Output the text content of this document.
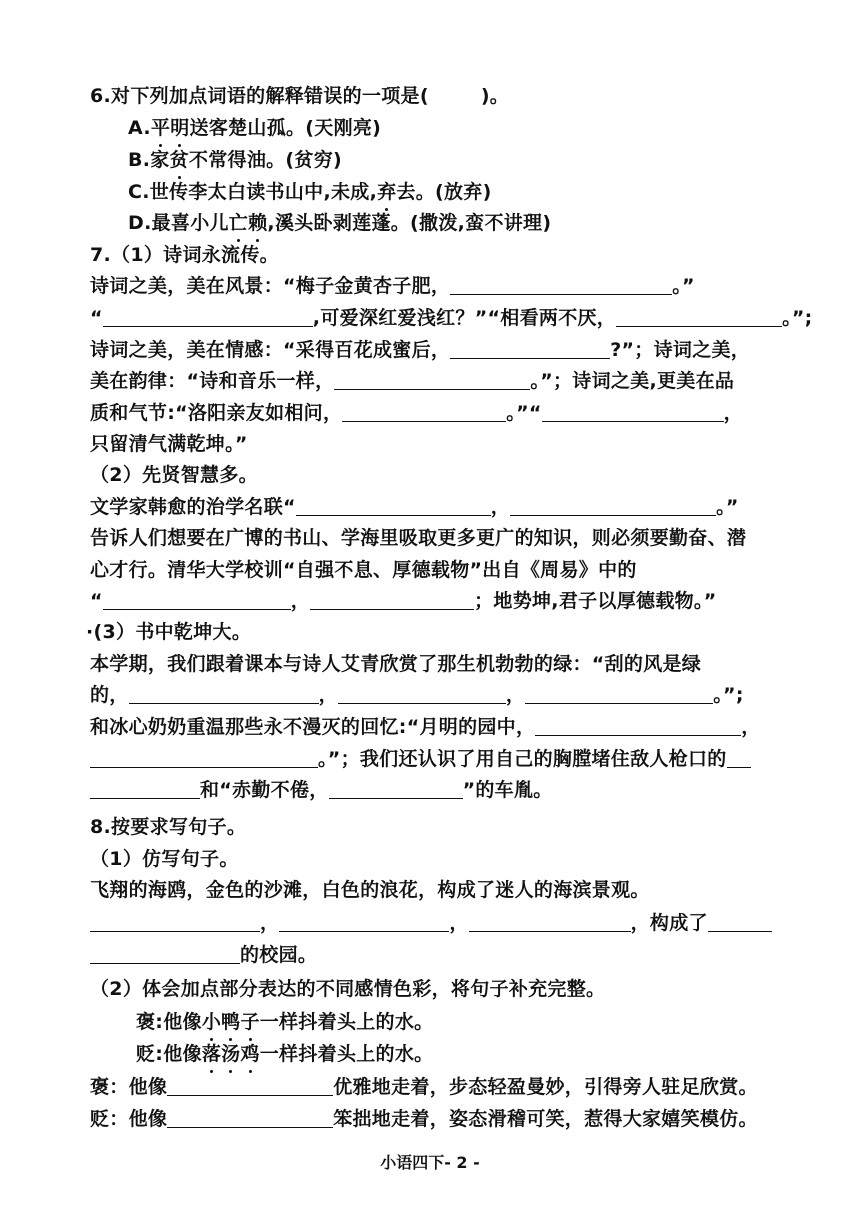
6.对下列加点词语的解释错误的一项是(	)。
A.平明送客楚山孤。(天刚亮)
B.家贫不常得油。(贫穷)
C.世传李太白读书山中,未成,弃去。(放弃)
D.最喜小儿亡赖,溪头卧剥莲蓬。(撒泼,蛮不讲理)
7.（1）诗词永流传。
诗词之美，美在风景：“梅子金黄杏子肥，	。”
“	,可爱深红爱浅红？”“相看两不厌，	。”;
诗词之美，美在情感：“采得百花成蜜后，	?”；诗词之美，
美在韵律：“诗和音乐一样，	。”；诗词之美,更美在品
质和气节:“洛阳亲友如相问，	。”“	，
只留清气满乾坤。”
（2）先贤智慧多。
文学家韩愈的治学名联“	，	。”
告诉人们想要在广博的书山、学海里吸取更多更广的知识，则必须要勤奋、潜
心才行。清华大学校训“自强不息、厚德载物”出自《周易》中的
“	，	；地势坤,君子以厚德载物。”
·(3）书中乾坤大。
本学期，我们跟着课本与诗人艾青欣赏了那生机勃勃的绿：“刮的风是绿
的，	，	，	。”;
和冰心奶奶重温那些永不漫灭的回忆:“月明的园中，	，
。”；我们还认识了用自己的胸膛堵住敌人枪口的
和“赤勤不倦，	”的车胤。
8.按要求写句子。
（1）仿写句子。
飞翔的海鸥，金色的沙滩，白色的浪花，构成了迷人的海滨景观。
，	，	，构成了
的校园。
（2）体会加点部分表达的不同感情色彩，将句子补充完整。
褒:他像小鸭子一样抖着头上的水。
贬:他像落汤鸡一样抖着头上的水。
褒：他像	优雅地走着，步态轻盈曼妙，引得旁人驻足欣赏。
贬：他像	笨拙地走着，姿态滑稽可笑，惹得大家嬉笑模仿。
小语四下- 2 -
